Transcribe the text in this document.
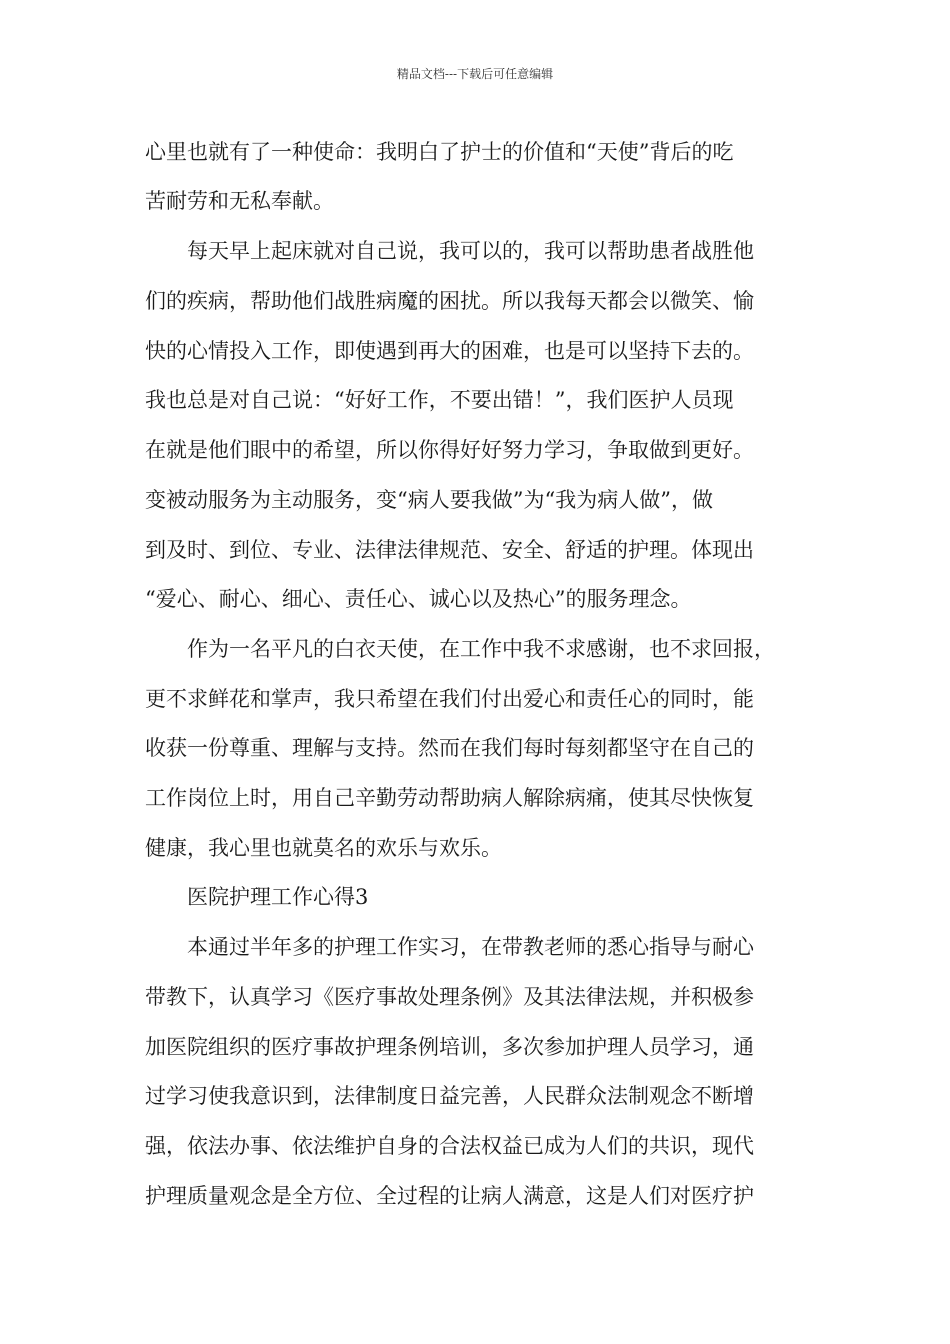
精品文档---下载后可任意编辑
心里也就有了一种使命：我明白了护士的价值和“天使”背后的吃
苦耐劳和无私奉献。
　　每天早上起床就对自己说，我可以的，我可以帮助患者战胜他
们的疾病，帮助他们战胜病魔的困扰。所以我每天都会以微笑、愉
快的心情投入工作，即使遇到再大的困难，也是可以坚持下去的。
我也总是对自己说：“好好工作，不要出错！”，我们医护人员现
在就是他们眼中的希望，所以你得好好努力学习，争取做到更好。
变被动服务为主动服务，变“病人要我做”为“我为病人做”，做
到及时、到位、专业、法律法律规范、安全、舒适的护理。体现出
“爱心、耐心、细心、责任心、诚心以及热心”的服务理念。
　　作为一名平凡的白衣天使，在工作中我不求感谢，也不求回报，
更不求鲜花和掌声，我只希望在我们付出爱心和责任心的同时，能
收获一份尊重、理解与支持。然而在我们每时每刻都坚守在自己的
工作岗位上时，用自己辛勤劳动帮助病人解除病痛，使其尽快恢复
健康，我心里也就莫名的欢乐与欢乐。
　　医院护理工作心得3
　　本通过半年多的护理工作实习，在带教老师的悉心指导与耐心
带教下，认真学习《医疗事故处理条例》及其法律法规，并积极参
加医院组织的医疗事故护理条例培训，多次参加护理人员学习，通
过学习使我意识到，法律制度日益完善，人民群众法制观念不断增
强，依法办事、依法维护自身的合法权益已成为人们的共识，现代
护理质量观念是全方位、全过程的让病人满意，这是人们对医疗护
